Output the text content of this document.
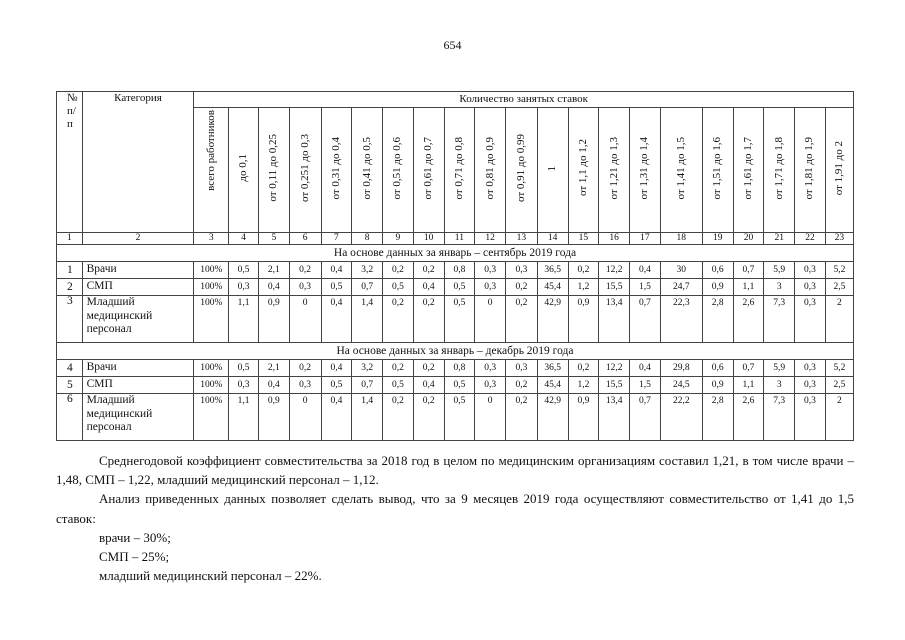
654
№ п/п	Категория	Количество занятых ставок																				
		всего работников	до 0,1	от 0,11 до 0,25	от 0,251 до 0,3	от 0,31 до 0,4	от 0,41 до 0,5	от 0,51 до 0,6	от 0,61 до 0,7	от 0,71 до 0,8	от 0,81 до 0,9	от 0,91 до 0,99	1	от 1,1 до 1,2	от 1,21 до 1,3	от 1,31 до 1,4	от 1,41 до 1,5	от 1,51 до 1,6	от 1,61 до 1,7	от 1,71 до 1,8	от 1,81 до 1,9	от 1,91 до 2
1	2	3	4	5	6	7	8	9	10	11	12	13	14	15	16	17	18	19	20	21	22	23
На основе данных за январь – сентябрь 2019 года																						
1	Врачи	100%	0,5	2,1	0,2	0,4	3,2	0,2	0,2	0,8	0,3	0,3	36,5	0,2	12,2	0,4	30	0,6	0,7	5,9	0,3	5,2
2	СМП	100%	0,3	0,4	0,3	0,5	0,7	0,5	0,4	0,5	0,3	0,2	45,4	1,2	15,5	1,5	24,7	0,9	1,1	3	0,3	2,5
3	Младший медицинский персонал	100%	1,1	0,9	0	0,4	1,4	0,2	0,2	0,5	0	0,2	42,9	0,9	13,4	0,7	22,3	2,8	2,6	7,3	0,3	2
На основе данных за январь – декабрь 2019 года																						
4	Врачи	100%	0,5	2,1	0,2	0,4	3,2	0,2	0,2	0,8	0,3	0,3	36,5	0,2	12,2	0,4	29,8	0,6	0,7	5,9	0,3	5,2
5	СМП	100%	0,3	0,4	0,3	0,5	0,7	0,5	0,4	0,5	0,3	0,2	45,4	1,2	15,5	1,5	24,5	0,9	1,1	3	0,3	2,5
6	Младший медицинский персонал	100%	1,1	0,9	0	0,4	1,4	0,2	0,2	0,5	0	0,2	42,9	0,9	13,4	0,7	22,2	2,8	2,6	7,3	0,3	2

Среднегодовой коэффициент совместительства за 2018 год в целом по медицинским организациям составил 1,21, в том числе врачи – 1,48, СМП – 1,22, младший медицинский персонал – 1,12.

Анализ приведенных данных позволяет сделать вывод, что за 9 месяцев 2019 года осуществляют совместительство от 1,41 до 1,5 ставок:

врачи – 30%;

СМП – 25%;

младший медицинский персонал – 22%.
